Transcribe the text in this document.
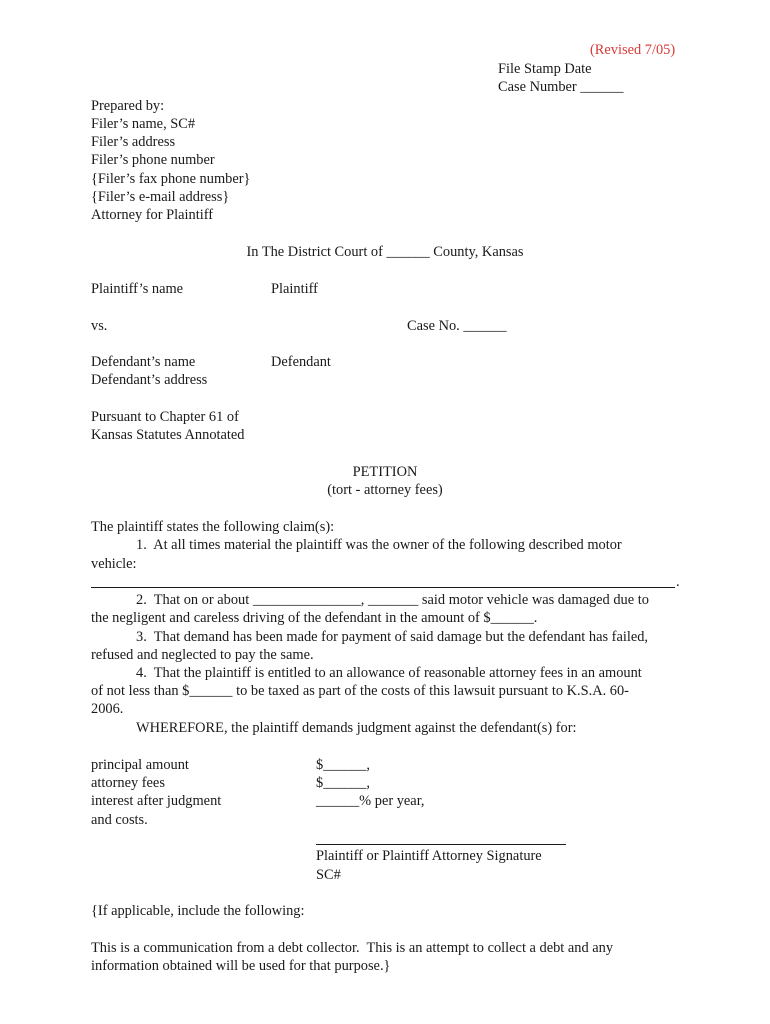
(Revised 7/05)
File Stamp Date
Case Number ______
Prepared by:
Filer’s name, SC#
Filer’s address
Filer’s phone number
{Filer’s fax phone number}
{Filer’s e-mail address}
Attorney for Plaintiff
In The District Court of ______ County, Kansas
Plaintiff’s name	Plaintiff
vs.	Case No. ______
Defendant’s name	Defendant
Defendant’s address
Pursuant to Chapter 61 of
Kansas Statutes Annotated
PETITION
(tort - attorney fees)
The plaintiff states the following claim(s):
1.  At all times material the plaintiff was the owner of the following described motor
vehicle:
.
2.  That on or about _______________, _______ said motor vehicle was damaged due to
the negligent and careless driving of the defendant in the amount of $______.
3.  That demand has been made for payment of said damage but the defendant has failed,
refused and neglected to pay the same.
4.  That the plaintiff is entitled to an allowance of reasonable attorney fees in an amount
of not less than $______ to be taxed as part of the costs of this lawsuit pursuant to K.S.A. 60-
2006.
WHEREFORE, the plaintiff demands judgment against the defendant(s) for:
principal amount	$______,
attorney fees	$______,
interest after judgment	______% per year,
and costs.
Plaintiff or Plaintiff Attorney Signature
SC#
{If applicable, include the following:
This is a communication from a debt collector.  This is an attempt to collect a debt and any
information obtained will be used for that purpose.}
